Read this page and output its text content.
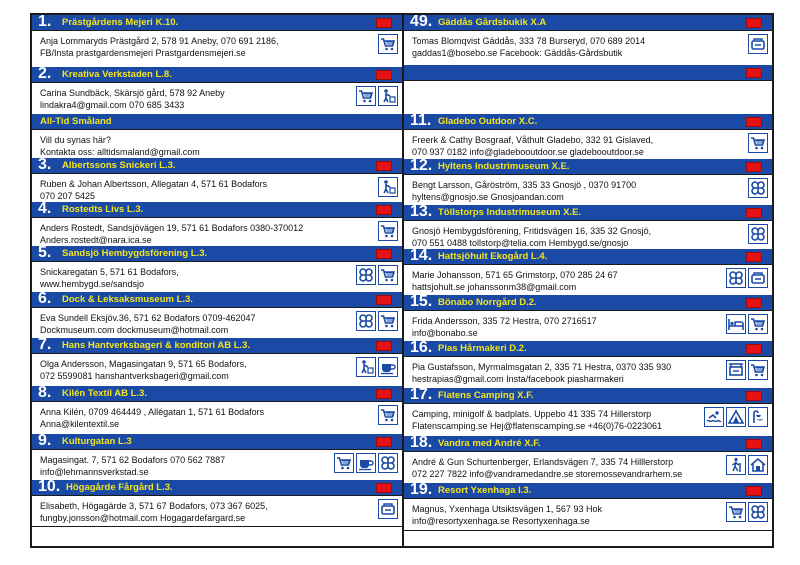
1. Prästgårdens Mejeri K.10.
Anja Lommaryds Prästgård 2, 578 91 Aneby, 070 691 2186,
FB/Insta prastgardensmejeri Prastgardensmejeri.se
2. Kreativa Verkstaden L.8.
Carina Sundbäck, Skärsjö gård, 578 92 Aneby
lindakra4@gmail.com 070 685 3433
All-Tid Småland
Vill du synas här?
Kontakta oss: alltidsmaland@gmail.com
3. Albertssons Snickeri L.3.
Ruben & Johan Albertsson, Allegatan 4, 571 61 Bodafors
070 207 5425
4. Rostedts Livs L.3.
Anders Rostedt, Sandsjövägen 19, 571 61 Bodafors 0380-370012
Anders.rostedt@nara.ica.se
5. Sandsjö Hembygdsförening L.3.
Snickaregatan 5, 571 61 Bodafors,
www.hembygd.se/sandsjo
6. Dock & Leksaksmuseum L.3.
Eva Sundell Eksjöv.36, 571 62 Bodafors 0709-462047
Dockmuseum.com dockmuseum@hotmail.com
7. Hans Hantverksbageri & konditori AB L.3.
Olga Andersson, Magasingatan 9, 571 65 Bodafors,
072 5599081 hanshantverksbageri@gmail.com
8. Kilén Textil AB L.3.
Anna Kilén, 0709 464449 , Allégatan 1, 571 61 Bodafors
Anna@kilentextil.se
9. Kulturgatan L.3
Magasingat. 7, 571 62 Bodafors 070 562 7887
info@lehmannsverkstad.se
10. Högagårde Fårgård L.3.
Elisabeth, Högagärde 3, 571 67 Bodafors, 073 367 6025,
fungby.jonsson@hotmail.com Hogagardefargard.se
49. Gäddås Gårdsbukik X.A
Tomas Blomqvist Gäddås, 333 78 Burseryd, 070 689 2014
gaddas1@bosebo.se Facebook: Gäddås-Gårdsbutik
11. Gladebo Outdoor X.C.
Freerk & Cathy Bosgraaf, Våthult Gladebo, 332 91 Gislaved,
070 937 0182 info@gladebooutdoor.se gladebooutdoor.se
12. Hyltens Industrimuseum X.E.
Bengt Larsson, Gåröström, 335 33 Gnosjö , 0370 91700
hyltens@gnosjo.se Gnosjoandan.com
13. Töllstorps Industrimuseum X.E.
Gnosjö Hembygdsförening, Fritidsvägen 16, 335 32 Gnosjö,
070 551 0488 tollstorp@telia.com Hembygd.se/gnosjo
14. Hattsjöhult Ekogård L.4.
Marie Johansson, 571 65 Grimstorp, 070 285 24 67
hattsjohult.se johanssonm38@gmail.com
15. Bönabo Norrgård D.2.
Frida Andersson, 335 72 Hestra, 070 2716517
info@bonabo.se
16. Pias Hårmakeri D.2.
Pia Gustafsson, Myrmalmsgatan 2, 335 71 Hestra, 0370 335 930
hestrapias@gmail.com Insta/facebook piasharmakeri
17. Flatens Camping X.F.
Camping, minigolf & badplats. Uppebo 41 335 74 Hillerstorp
Flatenscamping.se Hej@flatenscamping.se +46(0)76-0223061
18. Vandra med André X.F.
André & Gun Schurtenberger, Erlandsvägen 7, 335 74 Hilllerstorp
072 227 7822 info@vandramedandre.se storemossevandrarhem.se
19. Resort Yxenhaga I.3.
Magnus, Yxenhaga Utsiktsvägen 1, 567 93 Hok
info@resortyxenhaga.se Resortyxenhaga.se
